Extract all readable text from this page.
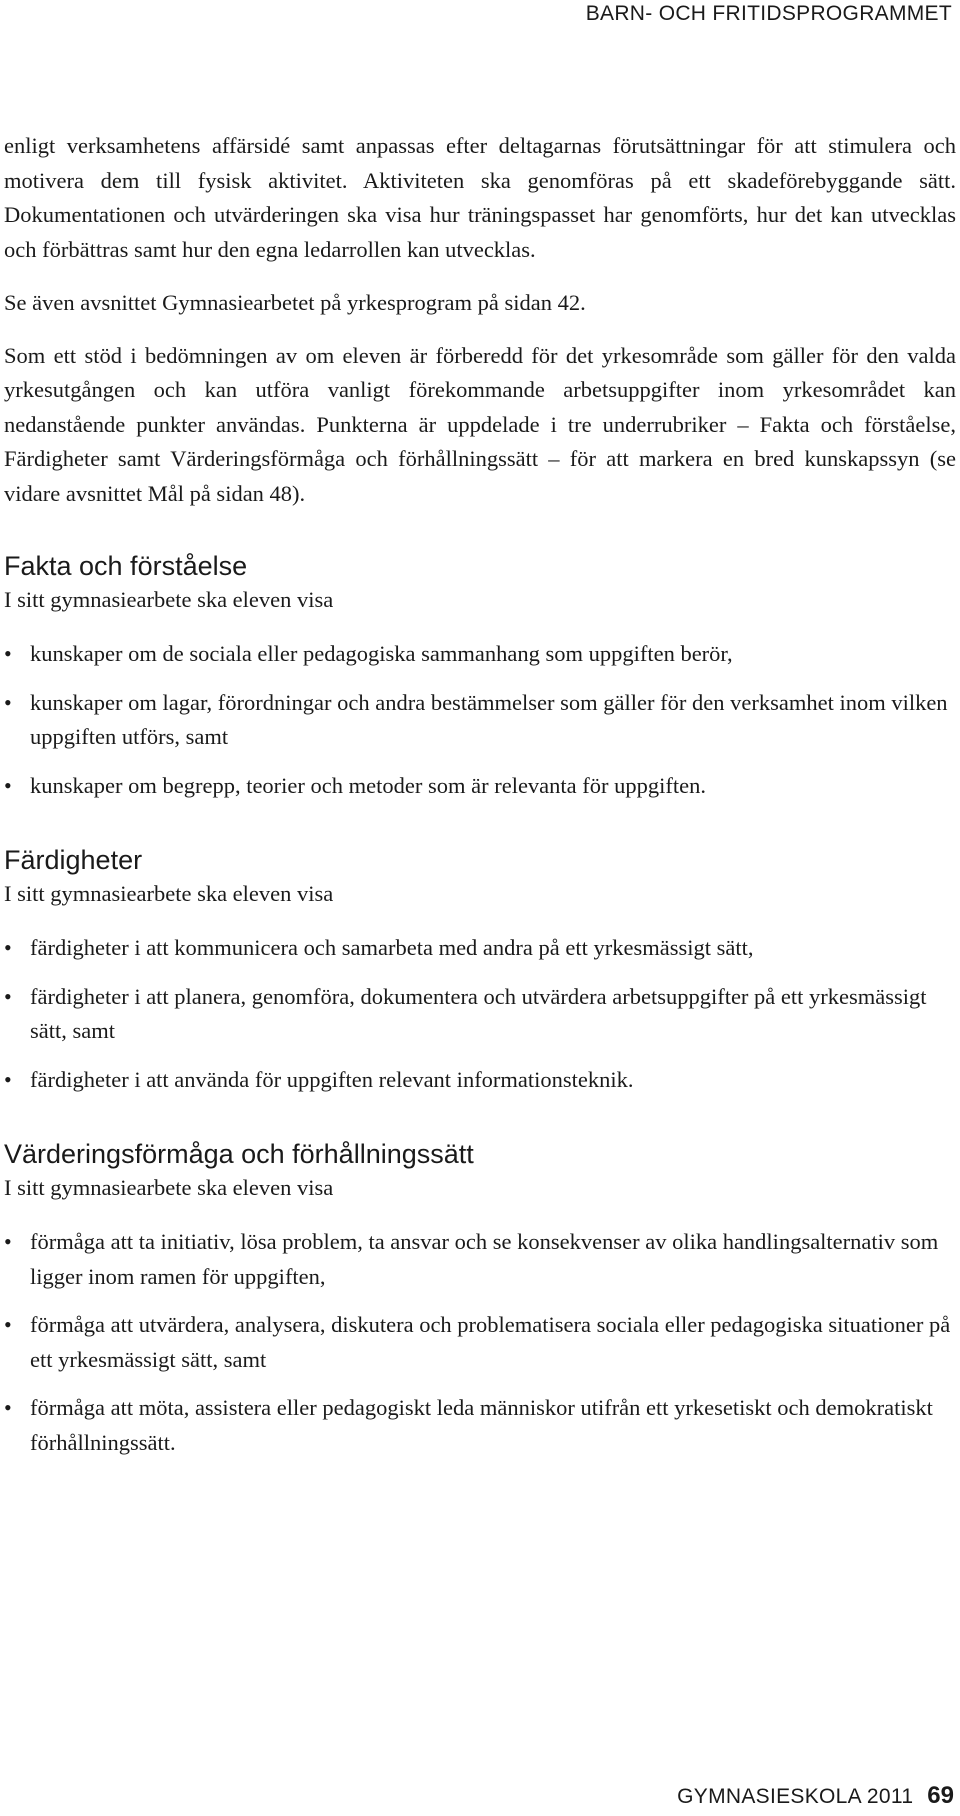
BARN- OCH FRITIDSPROGRAMMET

enligt verksamhetens affärsidé samt anpassas efter deltagarnas förutsättningar för att stimulera och motivera dem till fysisk aktivitet. Aktiviteten ska genomföras på ett skadeförebyggande sätt. Dokumentationen och utvärderingen ska visa hur träningspasset har genomförts, hur det kan utvecklas och förbättras samt hur den egna ledarrollen kan utvecklas.

Se även avsnittet Gymnasiearbetet på yrkesprogram på sidan 42.

Som ett stöd i bedömningen av om eleven är förberedd för det yrkesområde som gäller för den valda yrkesutgången och kan utföra vanligt förekommande arbetsuppgifter inom yrkesområdet kan nedanstående punkter användas. Punkterna är uppdelade i tre underrubriker – Fakta och förståelse, Färdigheter samt Värderingsförmåga och förhållningssätt – för att markera en bred kunskapssyn (se vidare avsnittet Mål på sidan 48).

Fakta och förståelse

I sitt gymnasiearbete ska eleven visa

• kunskaper om de sociala eller pedagogiska sammanhang som uppgiften berör,
• kunskaper om lagar, förordningar och andra bestämmelser som gäller för den verksamhet inom vilken uppgiften utförs, samt
• kunskaper om begrepp, teorier och metoder som är relevanta för uppgiften.
Färdigheter

I sitt gymnasiearbete ska eleven visa

• färdigheter i att kommunicera och samarbeta med andra på ett yrkesmässigt sätt,
• färdigheter i att planera, genomföra, dokumentera och utvärdera arbetsuppgifter på ett yrkesmässigt sätt, samt
• färdigheter i att använda för uppgiften relevant informationsteknik.
Värderingsförmåga och förhållningssätt

I sitt gymnasiearbete ska eleven visa

• förmåga att ta initiativ, lösa problem, ta ansvar och se konsekvenser av olika handlingsalternativ som ligger inom ramen för uppgiften,
• förmåga att utvärdera, analysera, diskutera och problematisera sociala eller pedagogiska situationer på ett yrkesmässigt sätt, samt
• förmåga att möta, assistera eller pedagogiskt leda människor utifrån ett yrkesetiskt och demokratiskt förhållningssätt.
GYMNASIESKOLA 2011 69
